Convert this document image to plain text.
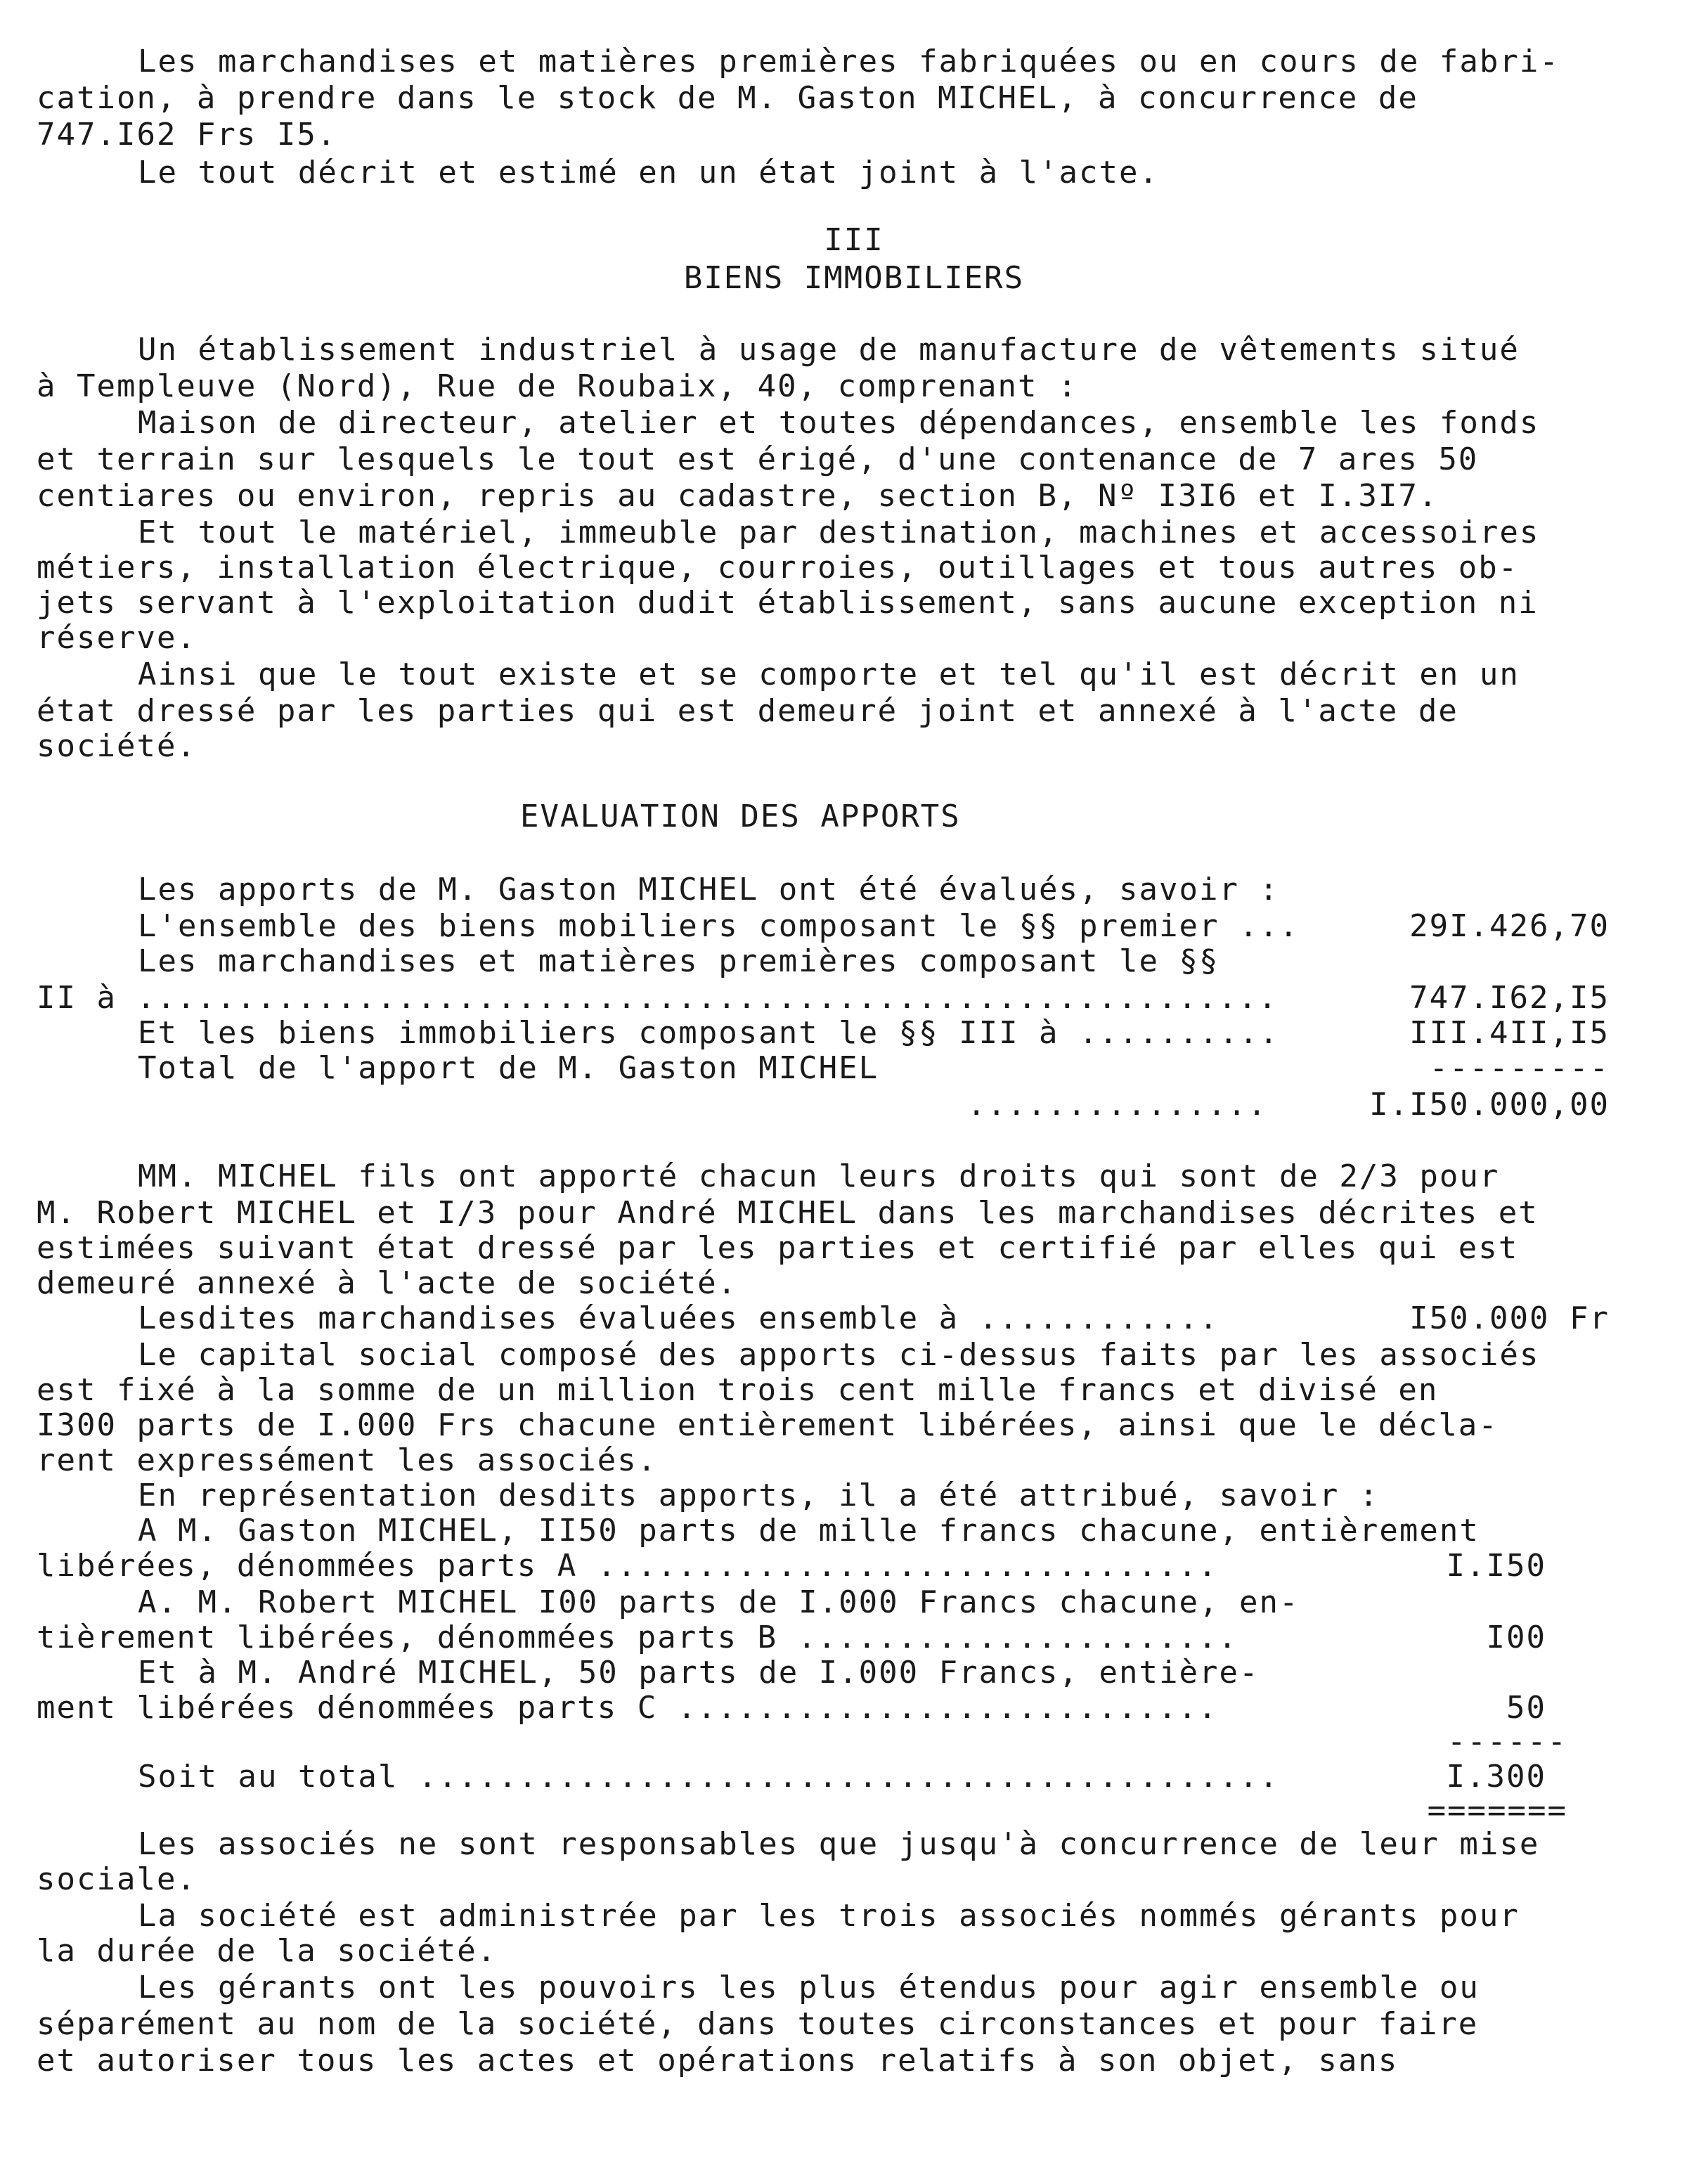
Les marchandises et matières premières fabriquées ou en cours de fabri-
cation, à prendre dans le stock de M. Gaston MICHEL, à concurrence de
747.I62 Frs I5.
Le tout décrit et estimé en un état joint à l'acte.
III
BIENS IMMOBILIERS
Un établissement industriel à usage de manufacture de vêtements situé
à Templeuve (Nord), Rue de Roubaix, 40, comprenant :
Maison de directeur, atelier et toutes dépendances, ensemble les fonds
et terrain sur lesquels le tout est érigé, d'une contenance de 7 ares 50
centiares ou environ, repris au cadastre, section B, Nº I3I6 et I.3I7.
Et tout le matériel, immeuble par destination, machines et accessoires
métiers, installation électrique, courroies, outillages et tous autres ob-
jets servant à l'exploitation dudit établissement, sans aucune exception ni
réserve.
Ainsi que le tout existe et se comporte et tel qu'il est décrit en un
état dressé par les parties qui est demeuré joint et annexé à l'acte de
société.
EVALUATION DES APPORTS
Les apports de M. Gaston MICHEL ont été évalués, savoir :
L'ensemble des biens mobiliers composant le §§ premier ...	29I.426,70
Les marchandises et matières premières composant le §§
II à .........................................................	747.I62,I5
Et les biens immobiliers composant le §§ III à ..........	III.4II,I5
Total de l'apport de M. Gaston MICHEL	---------
...............	I.I50.000,00
MM. MICHEL fils ont apporté chacun leurs droits qui sont de 2/3 pour
M. Robert MICHEL et I/3 pour André MICHEL dans les marchandises décrites et
estimées suivant état dressé par les parties et certifié par elles qui est
demeuré annexé à l'acte de société.
Lesdites marchandises évaluées ensemble à ............	I50.000 Fr
Le capital social composé des apports ci-dessus faits par les associés
est fixé à la somme de un million trois cent mille francs et divisé en
I300 parts de I.000 Frs chacune entièrement libérées, ainsi que le décla-
rent expressément les associés.
En représentation desdits apports, il a été attribué, savoir :
A M. Gaston MICHEL, II50 parts de mille francs chacune, entièrement
libérées, dénommées parts A ...............................	I.I50
A. M. Robert MICHEL I00 parts de I.000 Francs chacune, en-
tièrement libérées, dénommées parts B ......................	I00
Et à M. André MICHEL, 50 parts de I.000 Francs, entière-
ment libérées dénommées parts C ...........................	50
------
Soit au total ...........................................	I.300
=======
Les associés ne sont responsables que jusqu'à concurrence de leur mise
sociale.
La société est administrée par les trois associés nommés gérants pour
la durée de la société.
Les gérants ont les pouvoirs les plus étendus pour agir ensemble ou
séparément au nom de la société, dans toutes circonstances et pour faire
et autoriser tous les actes et opérations relatifs à son objet, sans
